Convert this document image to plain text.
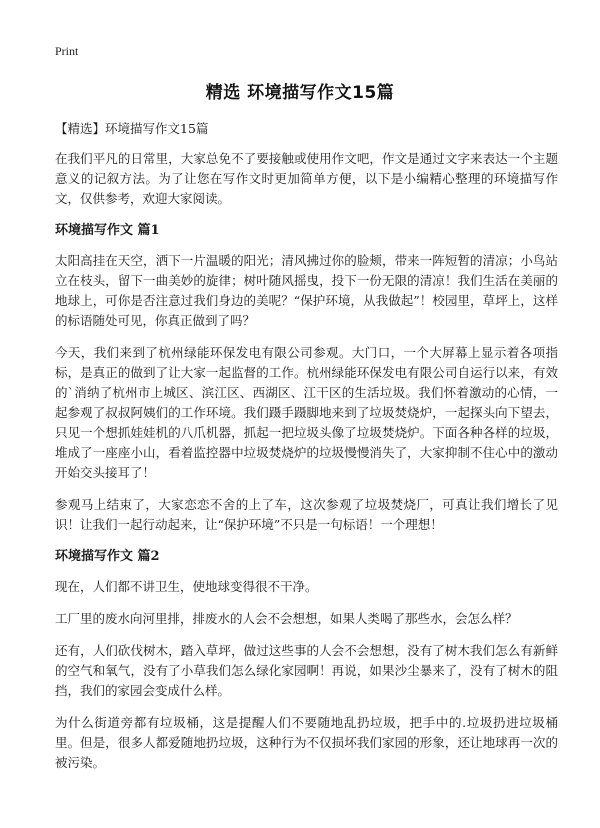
Print
精选 环境描写作文15篇

【精选】环境描写作文15篇

在我们平凡的日常里，大家总免不了要接触或使用作文吧，作文是通过文字来表达一个主题意义的记叙方法。为了让您在写作文时更加简单方便，以下是小编精心整理的环境描写作文，仅供参考，欢迎大家阅读。

环境描写作文 篇1

太阳高挂在天空，洒下一片温暖的阳光；清风拂过你的脸颊，带来一阵短暂的清凉；小鸟站立在枝头，留下一曲美妙的旋律；树叶随风摇曳，投下一份无限的清凉！我们生活在美丽的地球上，可你是否注意过我们身边的美呢？“保护环境，从我做起”！校园里，草坪上，这样的标语随处可见，你真正做到了吗？

今天，我们来到了杭州绿能环保发电有限公司参观。大门口，一个大屏幕上显示着各项指标，是真正的做到了让大家一起监督的工作。杭州绿能环保发电有限公司自运行以来，有效的`消纳了杭州市上城区、滨江区、西湖区、江干区的生活垃圾。我们怀着激动的心情，一起参观了叔叔阿姨们的工作环境。我们蹑手蹑脚地来到了垃圾焚烧炉，一起探头向下望去，只见一个想抓娃娃机的八爪机器，抓起一把垃圾头像了垃圾焚烧炉。下面各种各样的垃圾，堆成了一座座小山，看着监控器中垃圾焚烧炉的垃圾慢慢消失了，大家抑制不住心中的激动开始交头接耳了！

参观马上结束了，大家恋恋不舍的上了车，这次参观了垃圾焚烧厂，可真让我们增长了见识！让我们一起行动起来，让“保护环境”不只是一句标语！一个理想！

环境描写作文 篇2

现在，人们都不讲卫生，使地球变得很不干净。

工厂里的废水向河里排，排废水的人会不会想想，如果人类喝了那些水，会怎么样？

还有，人们砍伐树木，踏入草坪，做过这些事的人会不会想想，没有了树木我们怎么有新鲜的空气和氧气，没有了小草我们怎么绿化家园啊！再说，如果沙尘暴来了，没有了树木的阻挡，我们的家园会变成什么样。

为什么街道旁都有垃圾桶，这是提醒人们不要随地乱扔垃圾，把手中的.垃圾扔进垃圾桶里。但是，很多人都爱随地扔垃圾，这种行为不仅损坏我们家园的形象，还让地球再一次的被污染。
